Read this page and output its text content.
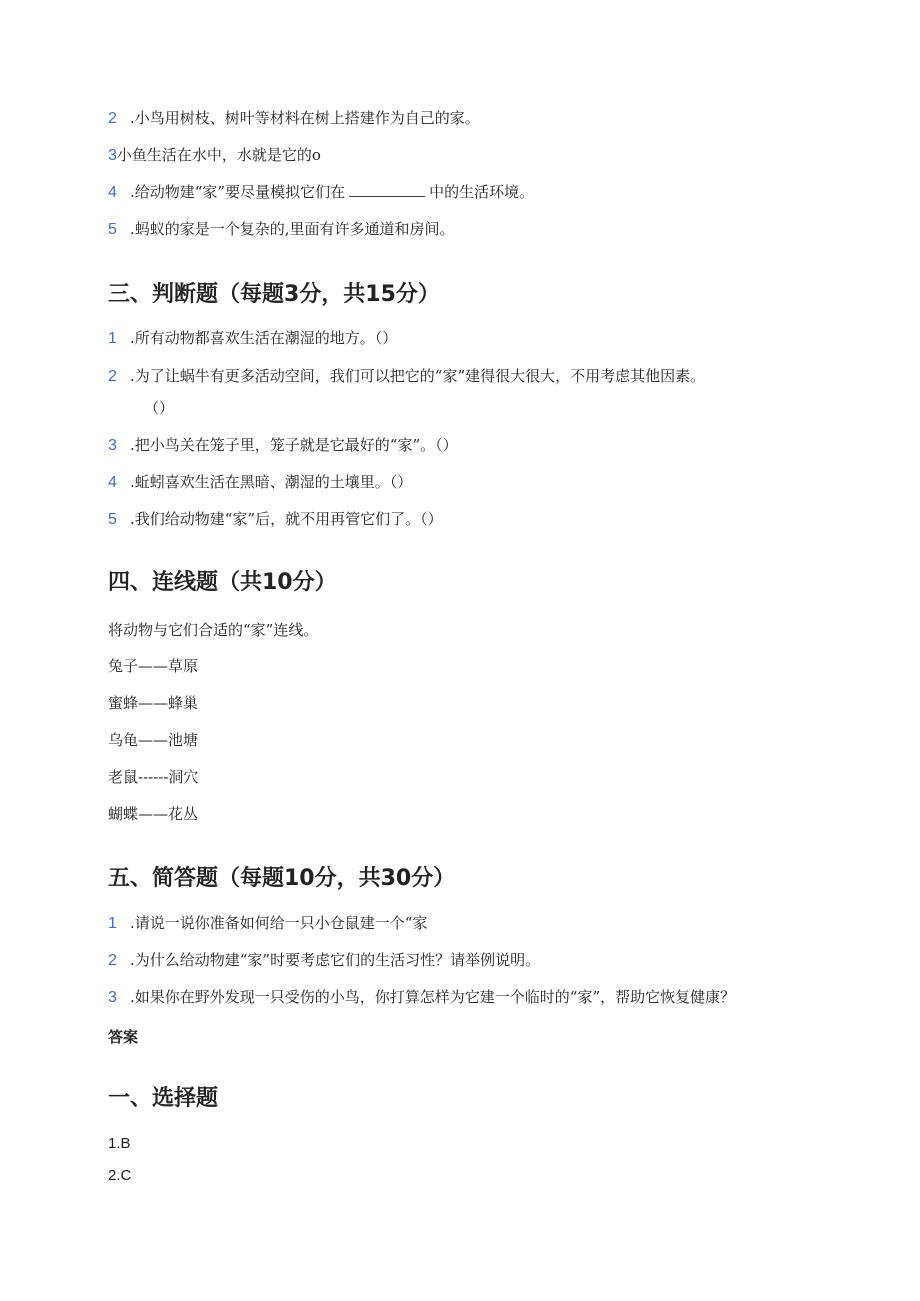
2 .小鸟用树枝、树叶等材料在树上搭建作为自己的家。
3小鱼生活在水中，水就是它的o
4 .给动物建“家”要尽量模拟它们在	中的生活环境。
5 .蚂蚁的家是一个复杂的,里面有许多通道和房间。
三、判断题（每题3分，共15分）
1 .所有动物都喜欢生活在潮湿的地方。（）
2 .为了让蜗牛有更多活动空间，我们可以把它的“家”建得很大很大，不用考虑其他因素。
（）
3 .把小鸟关在笼子里，笼子就是它最好的“家”。（）
4 .蚯蚓喜欢生活在黑暗、潮湿的土壤里。（）
5 .我们给动物建“家”后，就不用再管它们了。（）
四、连线题（共10分）
将动物与它们合适的“家”连线。
兔子——草原
蜜蜂——蜂巢
乌龟——池塘
老鼠------洞穴
蝴蝶——花丛
五、简答题（每题10分，共30分）
1 .请说一说你准备如何给一只小仓鼠建一个“家
2 .为什么给动物建“家”时要考虑它们的生活习性？请举例说明。
3 .如果你在野外发现一只受伤的小鸟，你打算怎样为它建一个临时的“家”，帮助它恢复健康？
答案
一、选择题
1.B
2.C
